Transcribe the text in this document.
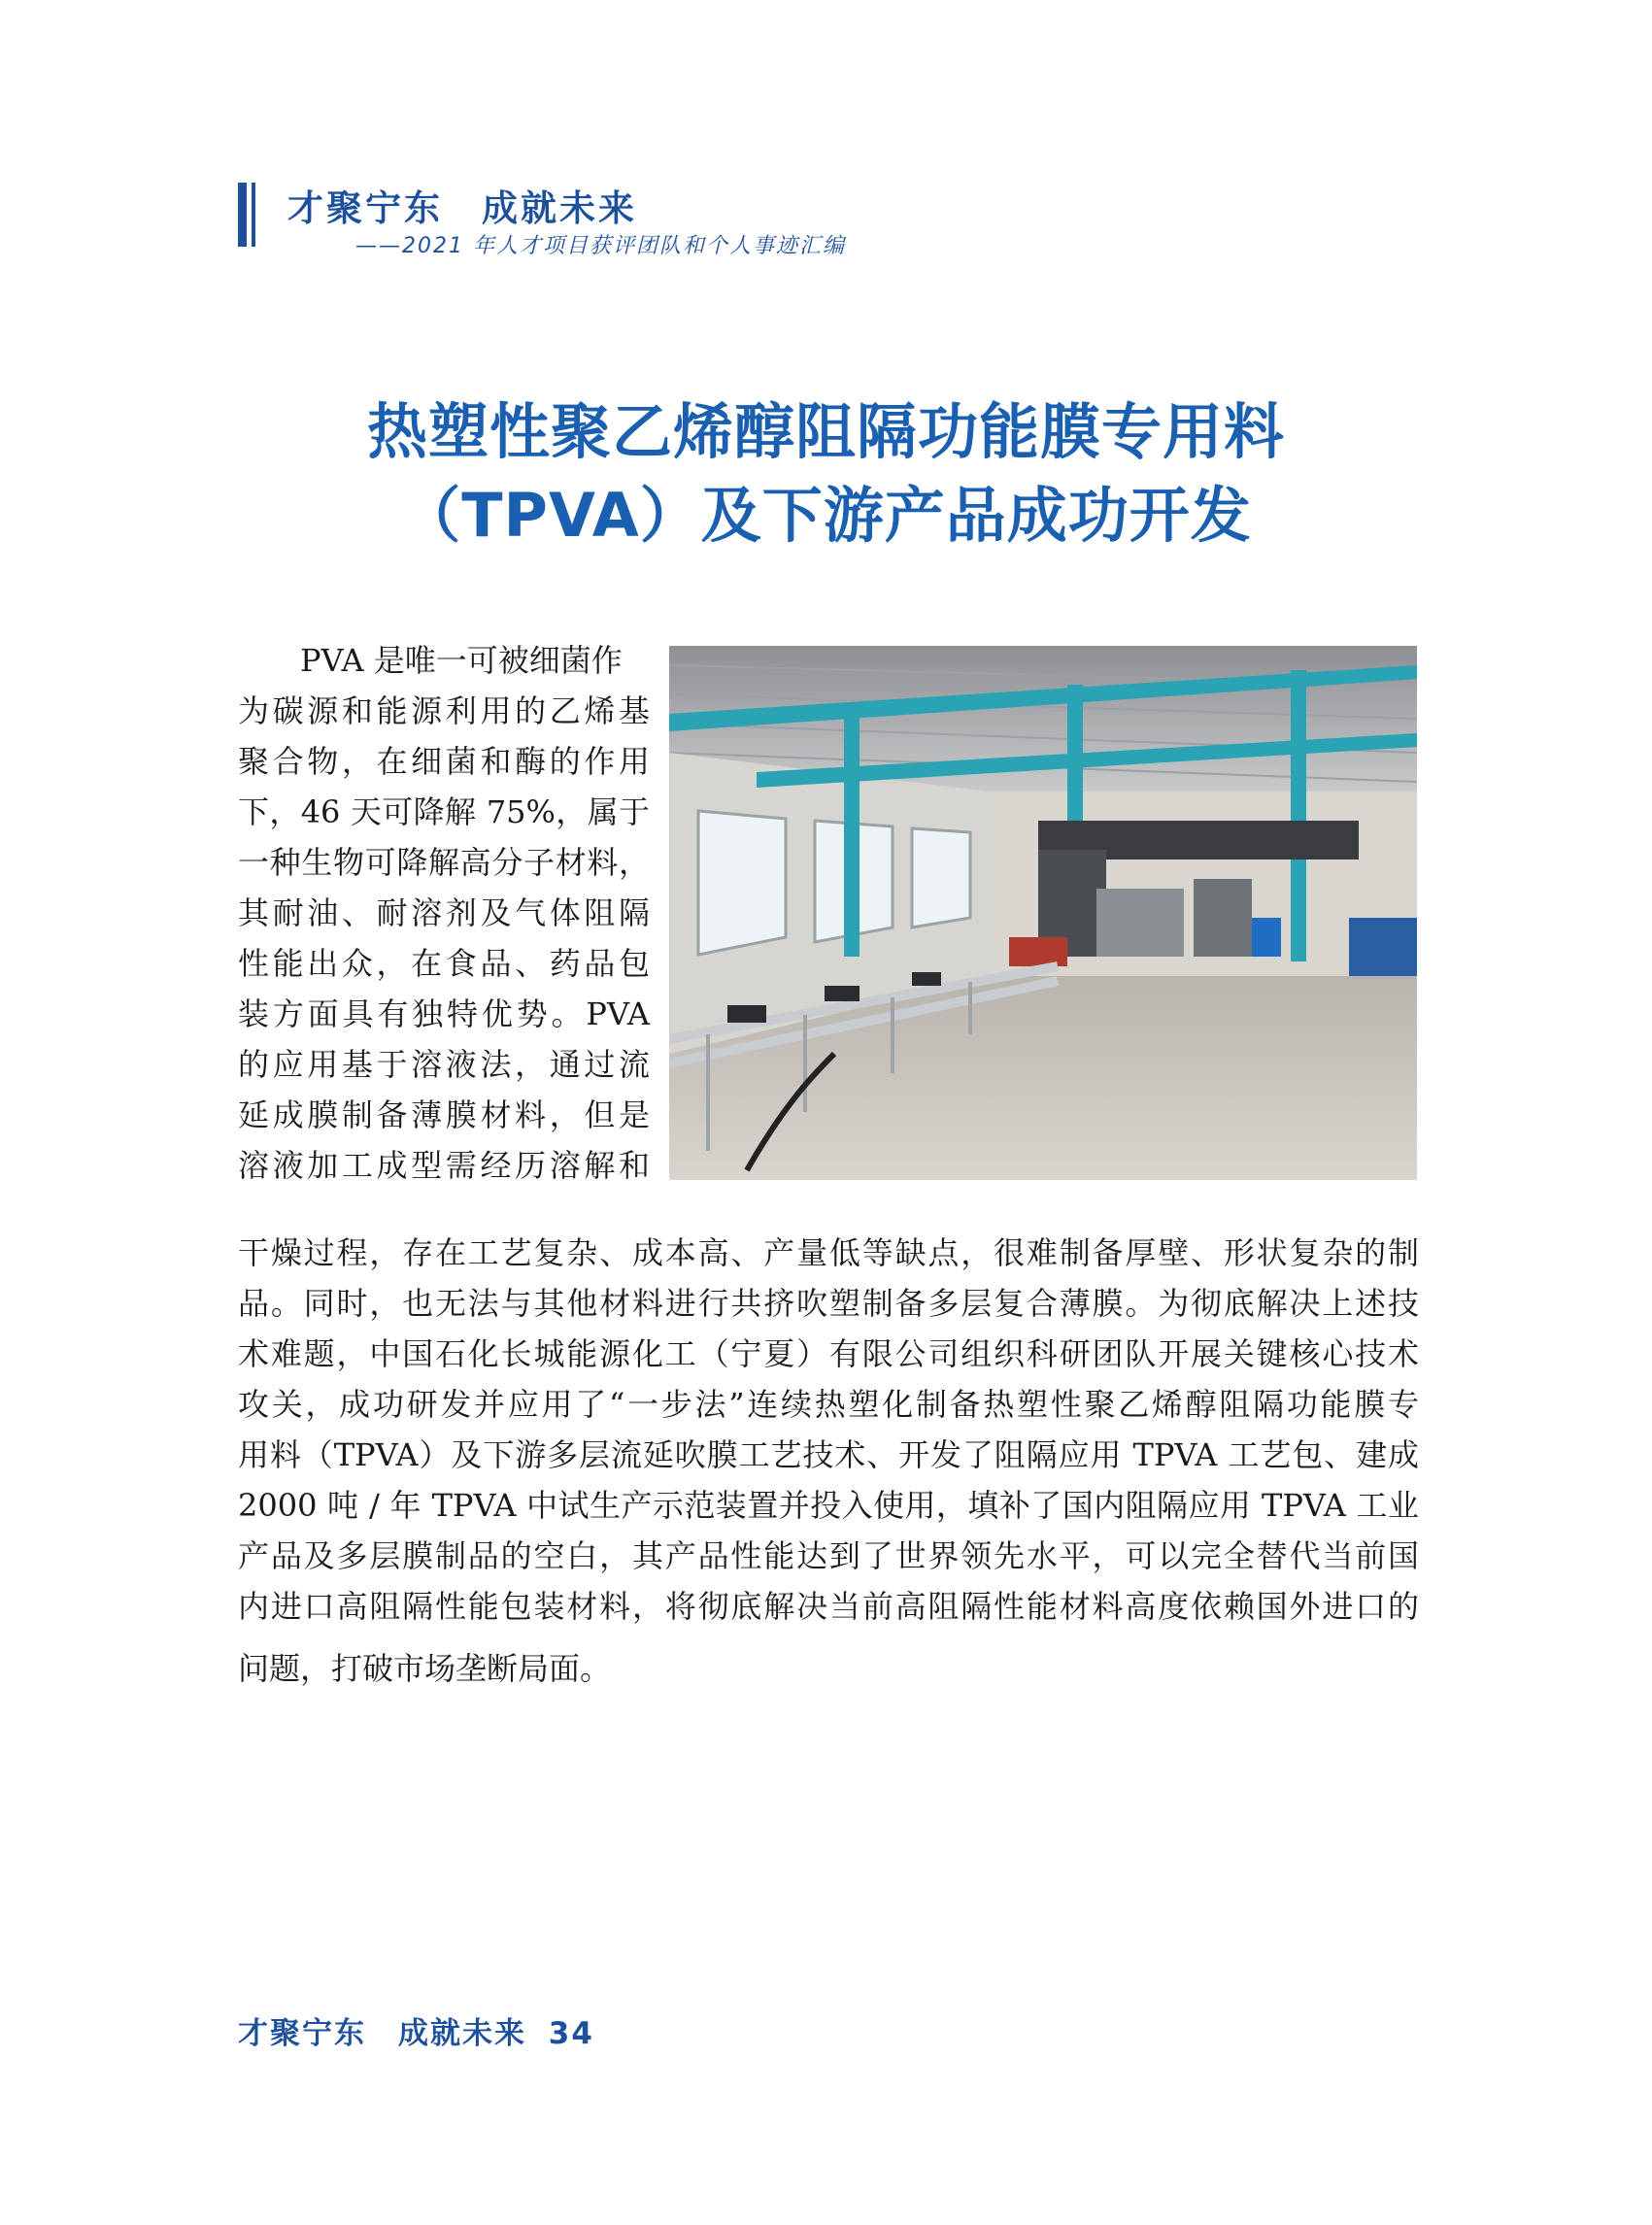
才聚宁东　成就未来
——2021 年人才项目获评团队和个人事迹汇编
热塑性聚乙烯醇阻隔功能膜专用料
（TPVA）及下游产品成功开发
PVA 是唯一可被细菌作
为碳源和能源利用的乙烯基
聚合物，在细菌和酶的作用
下，46 天可降解 75%，属于
一种生物可降解高分子材料，
其耐油、耐溶剂及气体阻隔
性能出众，在食品、药品包
装方面具有独特优势。PVA
的应用基于溶液法，通过流
延成膜制备薄膜材料，但是
溶液加工成型需经历溶解和
干燥过程，存在工艺复杂、成本高、产量低等缺点，很难制备厚壁、形状复杂的制
品。同时，也无法与其他材料进行共挤吹塑制备多层复合薄膜。为彻底解决上述技
术难题，中国石化长城能源化工（宁夏）有限公司组织科研团队开展关键核心技术
攻关，成功研发并应用了“一步法”连续热塑化制备热塑性聚乙烯醇阻隔功能膜专
用料（TPVA）及下游多层流延吹膜工艺技术、开发了阻隔应用 TPVA 工艺包、建成
2000 吨 / 年 TPVA 中试生产示范装置并投入使用，填补了国内阻隔应用 TPVA 工业
产品及多层膜制品的空白，其产品性能达到了世界领先水平，可以完全替代当前国
内进口高阻隔性能包装材料，将彻底解决当前高阻隔性能材料高度依赖国外进口的
问题，打破市场垄断局面。
才聚宁东　成就未来 34
